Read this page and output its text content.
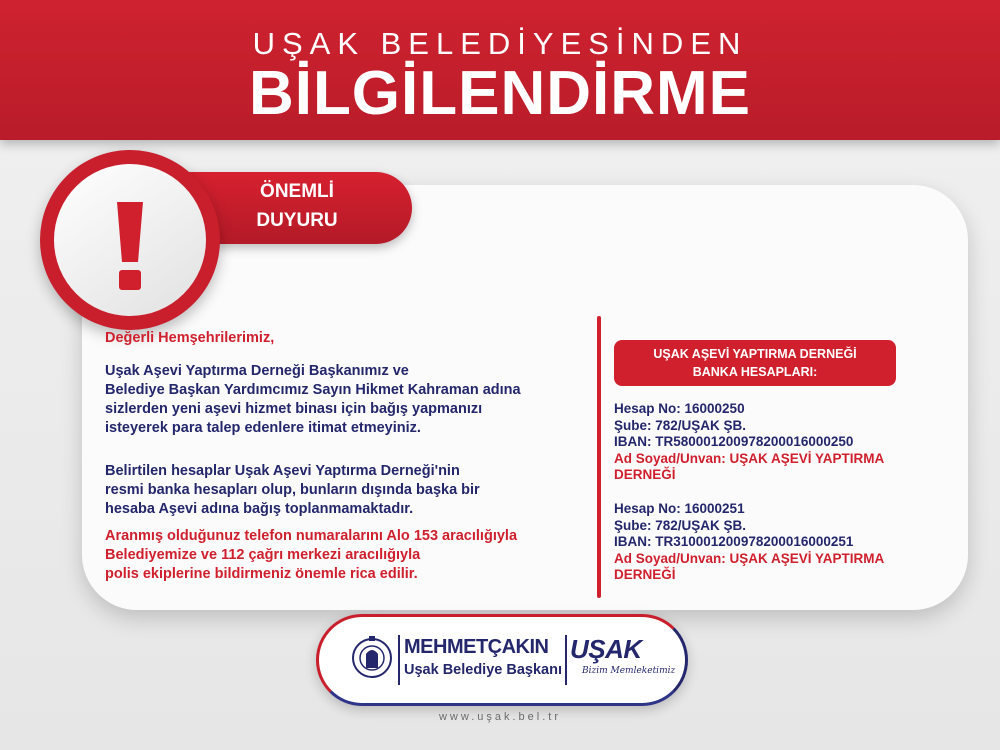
UŞAK BELEDİYESİNDEN
BİLGİLENDİRME
ÖNEMLİ
DUYURU

Değerli Hemşehrilerimiz,

Uşak Aşevi Yaptırma Derneği Başkanımız ve
Belediye Başkan Yardımcımız Sayın Hikmet Kahraman adına
sizlerden yeni aşevi hizmet binası için bağış yapmanızı
isteyerek para talep edenlere itimat etmeyiniz.

Belirtilen hesaplar Uşak Aşevi Yaptırma Derneği'nin
resmi banka hesapları olup, bunların dışında başka bir
hesaba Aşevi adına bağış toplanmamaktadır.

Aranmış olduğunuz telefon numaralarını Alo 153 aracılığıyla
Belediyemize ve 112 çağrı merkezi aracılığıyla
polis ekiplerine bildirmeniz önemle rica edilir.

UŞAK AŞEVİ YAPTIRMA DERNEĞİ
BANKA HESAPLARI:
Hesap No: 16000250
Şube: 782/UŞAK ŞB.
IBAN: TR580001200978200016000250
Ad Soyad/Unvan: UŞAK AŞEVİ YAPTIRMA DERNEĞİ
Hesap No: 16000251
Şube: 782/UŞAK ŞB.
IBAN: TR310001200978200016000251
Ad Soyad/Unvan: UŞAK AŞEVİ YAPTIRMA DERNEĞİ
MEHMETÇAKIN
Uşak Belediye Başkanı
UŞAK
Bizim Memleketimiz
www.uşak.bel.tr
